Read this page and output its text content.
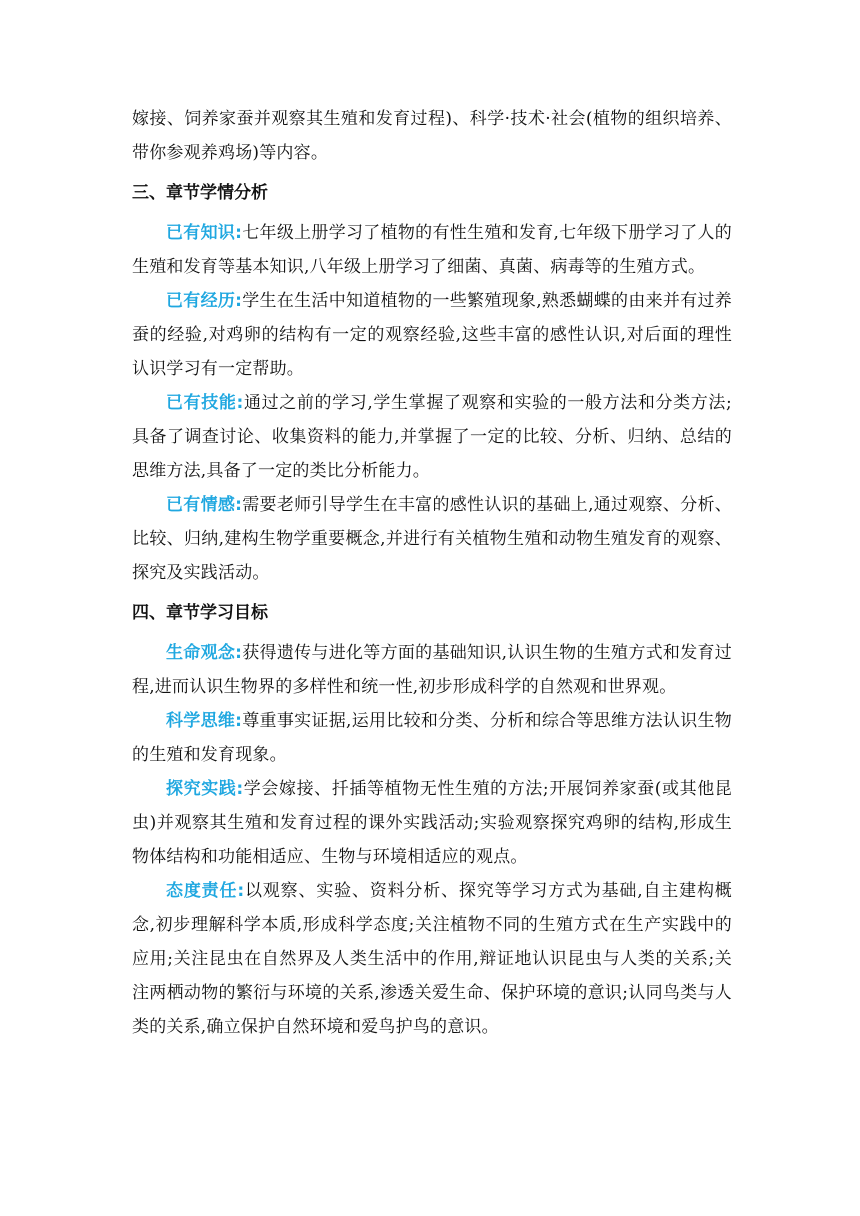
嫁接、饲养家蚕并观察其生殖和发育过程)、科学·技术·社会(植物的组织培养、带你参观养鸡场)等内容。

三、章节学情分析

已有知识:七年级上册学习了植物的有性生殖和发育,七年级下册学习了人的生殖和发育等基本知识,八年级上册学习了细菌、真菌、病毒等的生殖方式。

已有经历:学生在生活中知道植物的一些繁殖现象,熟悉蝴蝶的由来并有过养蚕的经验,对鸡卵的结构有一定的观察经验,这些丰富的感性认识,对后面的理性认识学习有一定帮助。

已有技能:通过之前的学习,学生掌握了观察和实验的一般方法和分类方法;具备了调查讨论、收集资料的能力,并掌握了一定的比较、分析、归纳、总结的思维方法,具备了一定的类比分析能力。

已有情感:需要老师引导学生在丰富的感性认识的基础上,通过观察、分析、比较、归纳,建构生物学重要概念,并进行有关植物生殖和动物生殖发育的观察、探究及实践活动。

四、章节学习目标

生命观念:获得遗传与进化等方面的基础知识,认识生物的生殖方式和发育过程,进而认识生物界的多样性和统一性,初步形成科学的自然观和世界观。

科学思维:尊重事实证据,运用比较和分类、分析和综合等思维方法认识生物的生殖和发育现象。

探究实践:学会嫁接、扦插等植物无性生殖的方法;开展饲养家蚕(或其他昆虫)并观察其生殖和发育过程的课外实践活动;实验观察探究鸡卵的结构,形成生物体结构和功能相适应、生物与环境相适应的观点。

态度责任:以观察、实验、资料分析、探究等学习方式为基础,自主建构概念,初步理解科学本质,形成科学态度;关注植物不同的生殖方式在生产实践中的应用;关注昆虫在自然界及人类生活中的作用,辩证地认识昆虫与人类的关系;关注两栖动物的繁衍与环境的关系,渗透关爱生命、保护环境的意识;认同鸟类与人类的关系,确立保护自然环境和爱鸟护鸟的意识。
